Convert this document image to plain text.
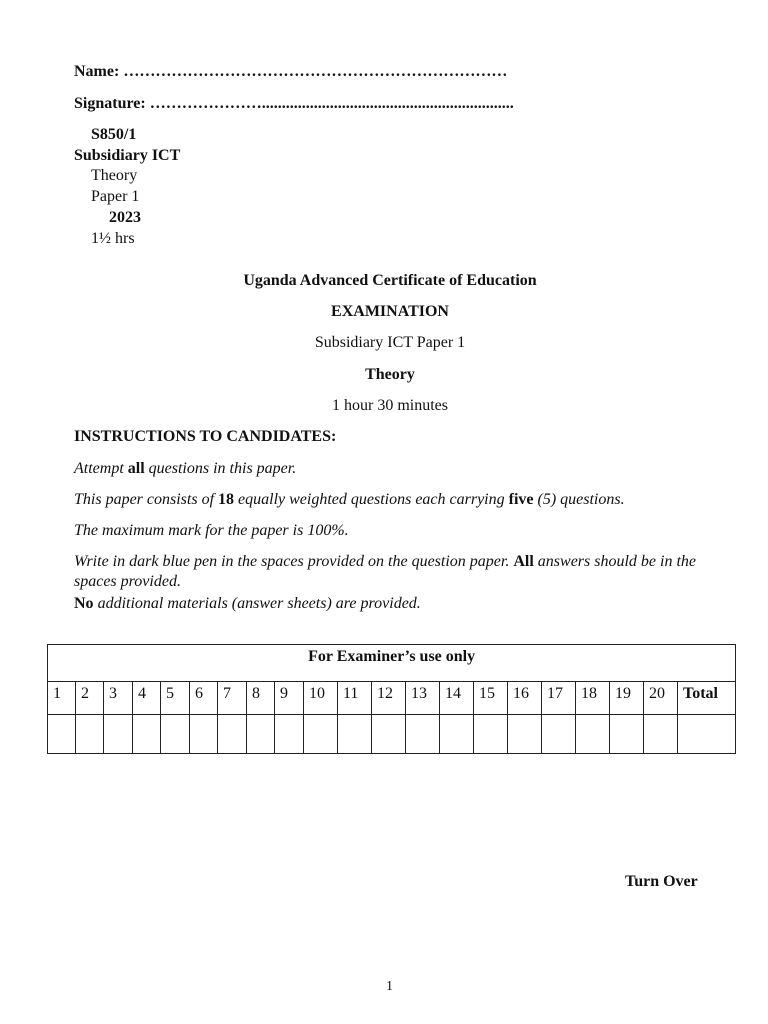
Name: ………………………………………………………………
Signature: …………………...............................................................
S850/1
Subsidiary ICT
Theory
Paper 1
2023
1½ hrs
Uganda Advanced Certificate of Education
EXAMINATION
Subsidiary ICT Paper 1
Theory
1 hour 30 minutes
INSTRUCTIONS TO CANDIDATES:
Attempt all questions in this paper.
This paper consists of 18 equally weighted questions each carrying five (5) questions.
The maximum mark for the paper is 100%.
Write in dark blue pen in the spaces provided on the question paper. All answers should be in the spaces provided.
No additional materials (answer sheets) are provided.
For Examiner’s use only																				
1	2	3	4	5	6	7	8	9	10	11	12	13	14	15	16	17	18	19	20	Total

Turn Over
1
